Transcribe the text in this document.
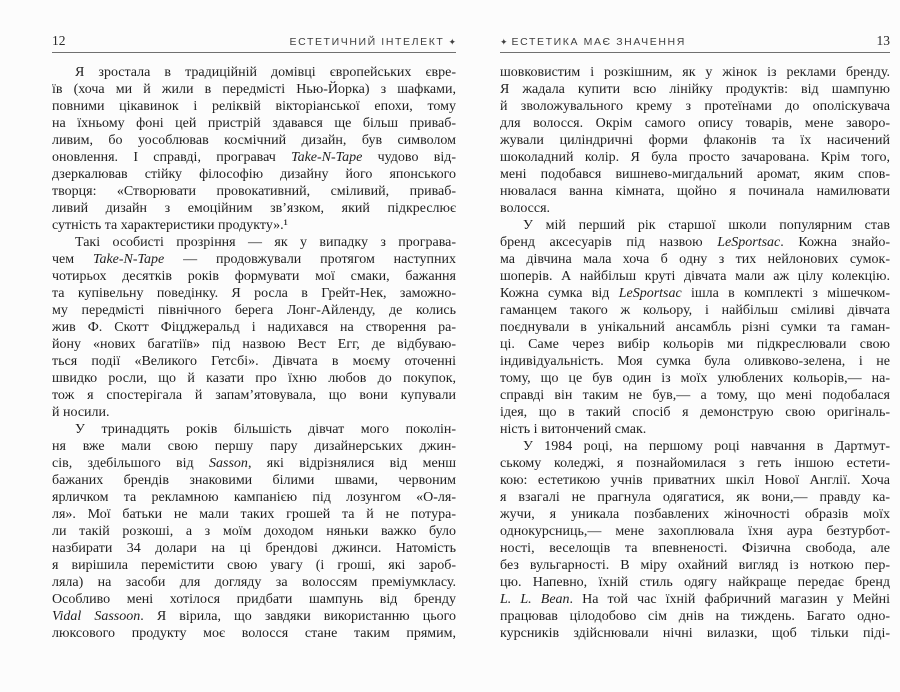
12	ЕСТЕТИЧНИЙ ІНТЕЛЕКТ ✦
Я зростала в традиційній домівці європейських євре-
їв (хоча ми й жили в передмісті Нью-Йорка) з шафками,
повними цікавинок і реліквій вікторіанської епохи, тому
на їхньому фоні цей пристрій здавався ще більш приваб-
ливим, бо уособлював космічний дизайн, був символом
оновлення. І справді, програвач Take-N-Tape чудово від-
дзеркалював стійку філософію дизайну його японського
творця: «Створювати провокативний, сміливий, приваб-
ливий дизайн з емоційним зв’язком, який підкреслює
сутність та характеристики продукту».¹
Такі особисті прозріння — як у випадку з програва-
чем Take-N-Tape — продовжували протягом наступних
чотирьох десятків років формувати мої смаки, бажання
та купівельну поведінку. Я росла в Грейт-Нек, заможно-
му передмісті північного берега Лонг-Айленду, де колись
жив Ф. Скотт Фіцджеральд і надихався на створення ра-
йону «нових багатіїв» під назвою Вест Егг, де відбуваю-
ться події «Великого Гетсбі». Дівчата в моєму оточенні
швидко росли, що й казати про їхню любов до покупок,
тож я спостерігала й запам’ятовувала, що вони купували
й носили.
У тринадцять років більшість дівчат мого поколін-
ня вже мали свою першу пару дизайнерських джин-
сів, здебільшого від Sasson, які відрізнялися від менш
бажаних брендів знаковими білими швами, червоним
ярличком та рекламною кампанією під лозунгом «О-ля-
ля». Мої батьки не мали таких грошей та й не потура-
ли такій розкоші, а з моїм доходом няньки важко було
назбирати 34 долари на ці брендові джинси. Натомість
я вирішила перемістити свою увагу (і гроші, які зароб-
ляла) на засоби для догляду за волоссям преміумкласу.
Особливо мені хотілося придбати шампунь від бренду
Vidal Sassoon. Я вірила, що завдяки використанню цього
люксового продукту моє волосся стане таким прямим,
✦ ЕСТЕТИКА МАЄ ЗНАЧЕННЯ	13
шовковистим і розкішним, як у жінок із реклами бренду.
Я жадала купити всю лінійку продуктів: від шампуню
й зволожувального крему з протеїнами до ополіскувача
для волосся. Окрім самого опису товарів, мене заворо-
жували циліндричні форми флаконів та їх насичений
шоколадний колір. Я була просто зачарована. Крім того,
мені подобався вишнево-мигдальний аромат, яким спов-
нювалася ванна кімната, щойно я починала намилювати
волосся.
У мій перший рік старшої школи популярним став
бренд аксесуарів під назвою LeSportsac. Кожна знайо-
ма дівчина мала хоча б одну з тих нейлонових сумок-
шоперів. А найбільш круті дівчата мали аж цілу колекцію.
Кожна сумка від LeSportsac ішла в комплекті з мішечком-
гаманцем такого ж кольору, і найбільш сміливі дівчата
поєднували в унікальний ансамбль різні сумки та гаман-
ці. Саме через вибір кольорів ми підкреслювали свою
індивідуальність. Моя сумка була оливково-зелена, і не
тому, що це був один із моїх улюблених кольорів,— на-
справді він таким не був,— а тому, що мені подобалася
ідея, що в такий спосіб я демонструю свою оригіналь-
ність і витончений смак.
У 1984 році, на першому році навчання в Дартмут-
ському коледжі, я познайомилася з геть іншою естети-
кою: естетикою учнів приватних шкіл Нової Англії. Хоча
я взагалі не прагнула одягатися, як вони,— правду ка-
жучи, я уникала позбавлених жіночності образів моїх
однокурсниць,— мене захоплювала їхня аура безтурбот-
ності, веселощів та впевненості. Фізична свобода, але
без вульгарності. В міру охайний вигляд із ноткою пер-
цю. Напевно, їхній стиль одягу найкраще передає бренд
L. L. Bean. На той час їхній фабричний магазин у Мейні
працював цілодобово сім днів на тиждень. Багато одно-
курсників здійснювали нічні вилазки, щоб тільки піді-
